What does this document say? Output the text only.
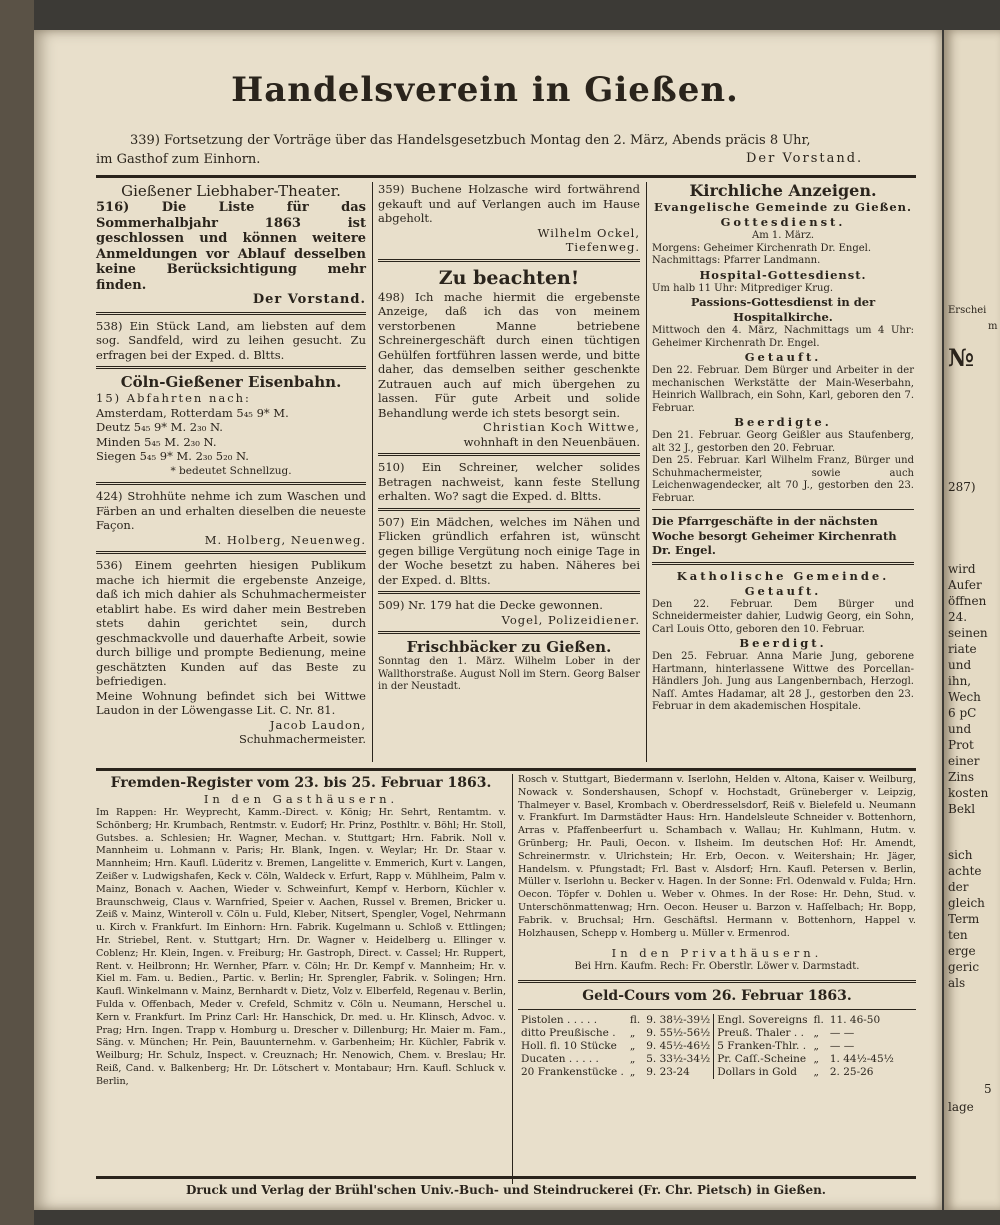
Handelsverein in Gießen.
339) Fortsetzung der Vorträge über das Handelsgesetzbuch Montag den 2. März, Abends präcis 8 Uhr,
im Gasthof zum Einhorn.	Der Vorstand.
Gießener Liebhaber-Theater.
516) Die Liste für das Sommerhalbjahr 1863 ist geschlossen und können weitere Anmeldungen vor Ablauf desselben keine Berücksichtigung mehr finden.
Der Vorstand.
538) Ein Stück Land, am liebsten auf dem sog. Sandfeld, wird zu leihen gesucht. Zu erfragen bei der Exped. d. Bltts.
Cöln-Gießener Eisenbahn.
15) Abfahrten nach:
Amsterdam, Rotterdam 5₄₅ 9* M.
Deutz 5₄₅ 9* M. 2₃₀ N.
Minden 5₄₅ M. 2₃₀ N.
Siegen 5₄₅ 9* M. 2₃₀ 5₂₀ N.
* bedeutet Schnellzug.
424) Strohhüte nehme ich zum Waschen und Färben an und erhalten dieselben die neueste Façon.
M. Holberg, Neuenweg.
536) Einem geehrten hiesigen Publikum mache ich hiermit die ergebenste Anzeige, daß ich mich dahier als Schuhmachermeister etablirt habe. Es wird daher mein Bestreben stets dahin gerichtet sein, durch geschmackvolle und dauerhafte Arbeit, sowie durch billige und prompte Bedienung, meine geschätzten Kunden auf das Beste zu befriedigen.
Meine Wohnung befindet sich bei Wittwe Laudon in der Löwengasse Lit. C. Nr. 81.
Jacob Laudon,
Schuhmachermeister.
359) Buchene Holzasche wird fortwährend gekauft und auf Verlangen auch im Hause abgeholt.
Wilhelm Ockel,
Tiefenweg.
Zu beachten!
498) Ich mache hiermit die ergebenste Anzeige, daß ich das von meinem verstorbenen Manne betriebene Schreinergeschäft durch einen tüchtigen Gehülfen fortführen lassen werde, und bitte daher, das demselben seither geschenkte Zutrauen auch auf mich übergehen zu lassen. Für gute Arbeit und solide Behandlung werde ich stets besorgt sein.
Christian Koch Wittwe,
wohnhaft in den Neuenbäuen.
510) Ein Schreiner, welcher solides Betragen nachweist, kann feste Stellung erhalten. Wo? sagt die Exped. d. Bltts.
507) Ein Mädchen, welches im Nähen und Flicken gründlich erfahren ist, wünscht gegen billige Vergütung noch einige Tage in der Woche besetzt zu haben. Näheres bei der Exped. d. Bltts.
509) Nr. 179 hat die Decke gewonnen.
Vogel, Polizeidiener.
Frischbäcker zu Gießen.
Sonntag den 1. März. Wilhelm Lober in der Wallthorstraße. August Noll im Stern. Georg Balser in der Neustadt.
Kirchliche Anzeigen.
Evangelische Gemeinde zu Gießen.
Gottesdienst.
Am 1. März.
Morgens: Geheimer Kirchenrath Dr. Engel.
Nachmittags: Pfarrer Landmann.
Hospital-Gottesdienst.
Um halb 11 Uhr: Mitprediger Krug.
Passions-Gottesdienst in der Hospitalkirche.
Mittwoch den 4. März, Nachmittags um 4 Uhr: Geheimer Kirchenrath Dr. Engel.
Getauft.
Den 22. Februar. Dem Bürger und Arbeiter in der mechanischen Werkstätte der Main-Weserbahn, Heinrich Wallbrach, ein Sohn, Karl, geboren den 7. Februar.
Beerdigte.
Den 21. Februar. Georg Geißler aus Staufenberg, alt 32 J., gestorben den 20. Februar.
Den 25. Februar. Karl Wilhelm Franz, Bürger und Schuhmachermeister, sowie auch Leichenwagendecker, alt 70 J., gestorben den 23. Februar.
Die Pfarrgeschäfte in der nächsten Woche besorgt Geheimer Kirchenrath Dr. Engel.
Katholische Gemeinde.
Getauft.
Den 22. Februar. Dem Bürger und Schneidermeister dahier, Ludwig Georg, ein Sohn, Carl Louis Otto, geboren den 10. Februar.
Beerdigt.
Den 25. Februar. Anna Marie Jung, geborene Hartmann, hinterlassene Wittwe des Porcellan-Händlers Joh. Jung aus Langenbernbach, Herzogl. Naſſ. Amtes Hadamar, alt 28 J., gestorben den 23. Februar in dem akademischen Hospitale.
Fremden-Register vom 23. bis 25. Februar 1863.
In den Gasthäusern.
Im Rappen: Hr. Weyprecht, Kamm.-Direct. v. König; Hr. Sehrt, Rentamtm. v. Schönberg; Hr. Krumbach, Rentmstr. v. Eudorf; Hr. Prinz, Posthltr. v. Böhl; Hr. Stoll, Gutsbes. a. Schlesien; Hr. Wagner, Mechan. v. Stuttgart; Hrn. Fabrik. Noll v. Mannheim u. Lohmann v. Paris; Hr. Blank, Ingen. v. Weylar; Hr. Dr. Staar v. Mannheim; Hrn. Kaufl. Lüderitz v. Bremen, Langelitte v. Emmerich, Kurt v. Langen, Zeißer v. Ludwigshafen, Keck v. Cöln, Waldeck v. Erfurt, Rapp v. Mühlheim, Palm v. Mainz, Bonach v. Aachen, Wieder v. Schweinfurt, Kempf v. Herborn, Küchler v. Braunschweig, Claus v. Warnfried, Speier v. Aachen, Russel v. Bremen, Bricker u. Zeiß v. Mainz, Winteroll v. Cöln u. Fuld, Kleber, Nitsert, Spengler, Vogel, Nehrmann u. Kirch v. Frankfurt. Im Einhorn: Hrn. Fabrik. Kugelmann u. Schloß v. Ettlingen; Hr. Striebel, Rent. v. Stuttgart; Hrn. Dr. Wagner v. Heidelberg u. Ellinger v. Coblenz; Hr. Klein, Ingen. v. Freiburg; Hr. Gastroph, Direct. v. Cassel; Hr. Ruppert, Rent. v. Heilbronn; Hr. Wernher, Pfarr. v. Cöln; Hr. Dr. Kempf v. Mannheim; Hr. v. Kiel m. Fam. u. Bedien., Partic. v. Berlin; Hr. Sprengler, Fabrik. v. Solingen; Hrn. Kaufl. Winkelmann v. Mainz, Bernhardt v. Dietz, Volz v. Elberfeld, Regenau v. Berlin, Fulda v. Offenbach, Meder v. Crefeld, Schmitz v. Cöln u. Neumann, Herschel u. Kern v. Frankfurt. Im Prinz Carl: Hr. Hanschick, Dr. med. u. Hr. Klinsch, Advoc. v. Prag; Hrn. Ingen. Trapp v. Homburg u. Drescher v. Dillenburg; Hr. Maier m. Fam., Säng. v. München; Hr. Pein, Bauunternehm. v. Garbenheim; Hr. Küchler, Fabrik v. Weilburg; Hr. Schulz, Inspect. v. Creuznach; Hr. Nenowich, Chem. v. Breslau; Hr. Reiß, Cand. v. Balkenberg; Hr. Dr. Lötschert v. Montabaur; Hrn. Kaufl. Schluck v. Berlin,
Rosch v. Stuttgart, Biedermann v. Iserlohn, Helden v. Altona, Kaiser v. Weilburg, Nowack v. Sondershausen, Schopf v. Hochstadt, Grüneberger v. Leipzig, Thalmeyer v. Basel, Krombach v. Oberdresselsdorf, Reiß v. Bielefeld u. Neumann v. Frankfurt. Im Darmstädter Haus: Hrn. Handelsleute Schneider v. Bottenhorn, Arras v. Pfaffenbeerfurt u. Schambach v. Wallau; Hr. Kuhlmann, Hutm. v. Grünberg; Hr. Pauli, Oecon. v. Ilsheim. Im deutschen Hof: Hr. Amendt, Schreinermstr. v. Ulrichstein; Hr. Erb, Oecon. v. Weitershain; Hr. Jäger, Handelsm. v. Pfungstadt; Frl. Bast v. Alsdorf; Hrn. Kaufl. Petersen v. Berlin, Müller v. Iserlohn u. Becker v. Hagen. In der Sonne: Frl. Odenwald v. Fulda; Hrn. Oecon. Töpfer v. Dohlen u. Weber v. Ohmes. In der Rose: Hr. Dehn, Stud. v. Unterschönmattenwag; Hrn. Oecon. Heuser u. Barzon v. Haſſelbach; Hr. Bopp, Fabrik. v. Bruchsal; Hrn. Geschäftsl. Hermann v. Bottenhorn, Happel v. Holzhausen, Schepp v. Homberg u. Müller v. Ermenrod.
In den Privathäusern.
Bei Hrn. Kaufm. Rech: Fr. Oberstlr. Löwer v. Darmstadt.
Geld-Cours vom 26. Februar 1863.
Pistolen . . . . .	fl.	9. 38½-39½	Engl. Sovereigns	fl.	11. 46-50
ditto Preußische .	„	9. 55½-56½	Preuß. Thaler . .	„	— —
Holl. fl. 10 Stücke	„	9. 45½-46½	5 Franken-Thlr. .	„	— —
Ducaten . . . . .	„	5. 33½-34½	Pr. Caſſ.-Scheine	„	1. 44½-45½
20 Frankenstücke .	„	9. 23-24	Dollars in Gold	„	2. 25-26
Druck und Verlag der Brühl'schen Univ.-Buch- und Steindruckerei (Fr. Chr. Pietsch) in Gießen.
Erschei
m
№
287)
wird
Aufer
öffnen
24.
seinen
riate
und
ihn,
Wech
6 pC
und
Prot
einer
Zins
kosten
Bekl
sich
achte
der
gleich
Term
ten
erge
geric
als
5
lage
